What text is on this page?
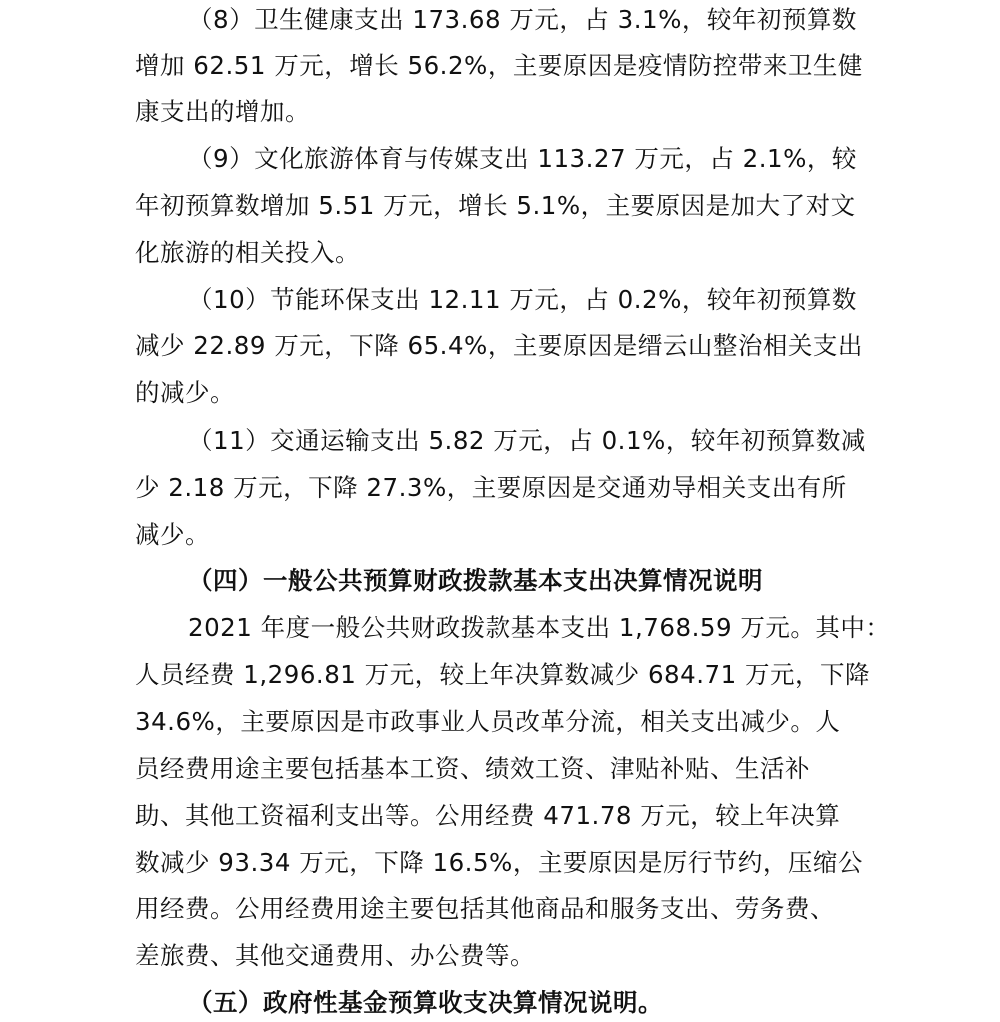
（8）卫生健康支出 173.68 万元，占 3.1%，较年初预算数
增加 62.51 万元，增长 56.2%，主要原因是疫情防控带来卫生健
康支出的增加。
（9）文化旅游体育与传媒支出 113.27 万元，占 2.1%，较
年初预算数增加 5.51 万元，增长 5.1%，主要原因是加大了对文
化旅游的相关投入。
（10）节能环保支出 12.11 万元，占 0.2%，较年初预算数
减少 22.89 万元，下降 65.4%，主要原因是缙云山整治相关支出
的减少。
（11）交通运输支出 5.82 万元，占 0.1%，较年初预算数减
少 2.18 万元，下降 27.3%，主要原因是交通劝导相关支出有所
减少。
（四）一般公共预算财政拨款基本支出决算情况说明
2021 年度一般公共财政拨款基本支出 1,768.59 万元。其中：
人员经费 1,296.81 万元，较上年决算数减少 684.71 万元，下降
34.6%，主要原因是市政事业人员改革分流，相关支出减少。人
员经费用途主要包括基本工资、绩效工资、津贴补贴、生活补
助、其他工资福利支出等。公用经费 471.78 万元，较上年决算
数减少 93.34 万元，下降 16.5%，主要原因是厉行节约，压缩公
用经费。公用经费用途主要包括其他商品和服务支出、劳务费、
差旅费、其他交通费用、办公费等。
（五）政府性基金预算收支决算情况说明。
